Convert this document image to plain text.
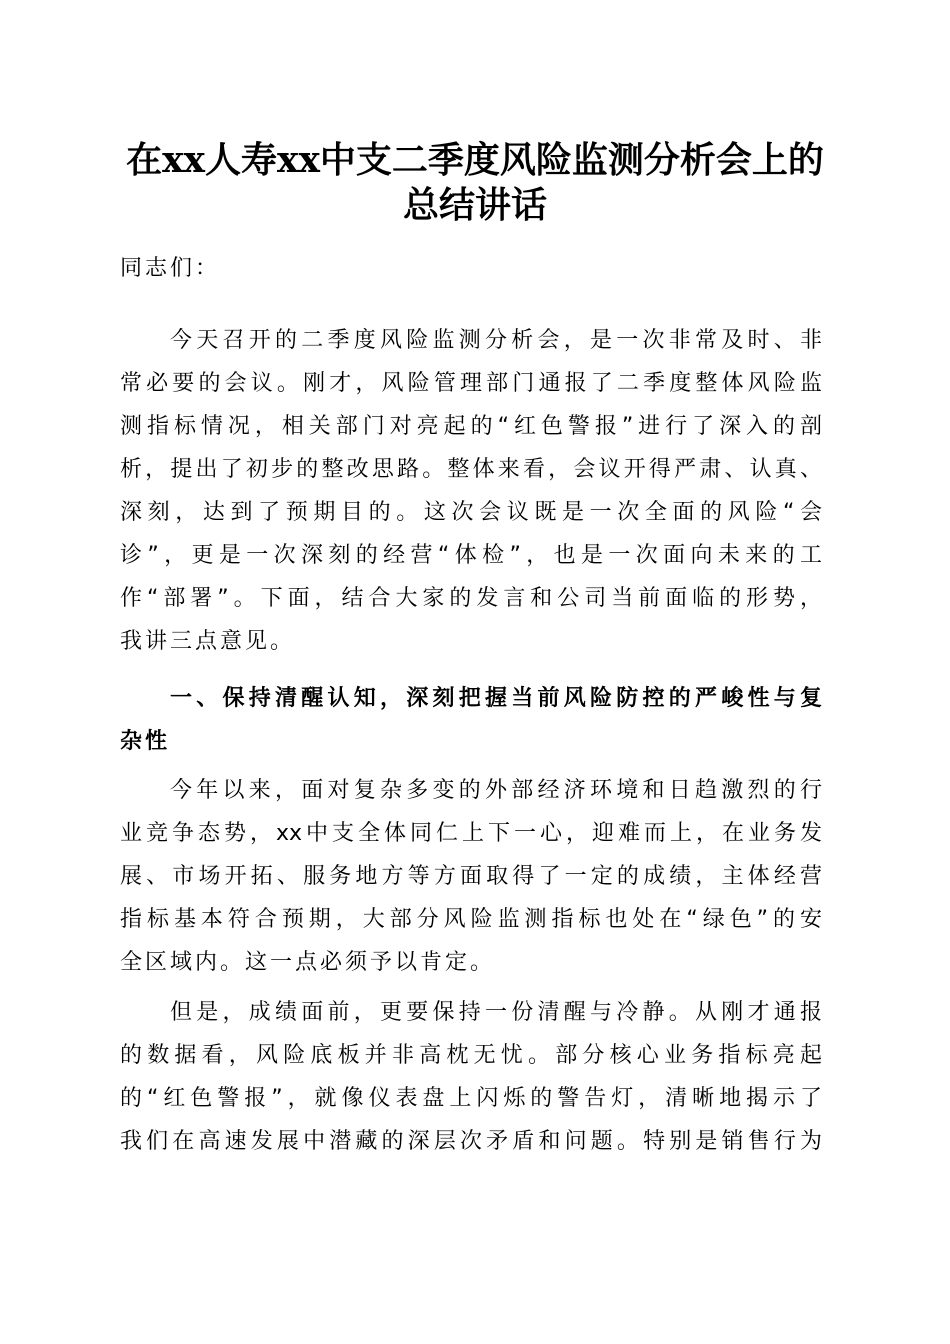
在xx人寿xx中支二季度风险监测分析会上的
总结讲话
同志们：
今天召开的二季度风险监测分析会，是一次非常及时、非
常必要的会议。刚才，风险管理部门通报了二季度整体风险监
测指标情况，相关部门对亮起的“红色警报”进行了深入的剖
析，提出了初步的整改思路。整体来看，会议开得严肃、认真、
深刻，达到了预期目的。这次会议既是一次全面的风险“会
诊”，更是一次深刻的经营“体检”，也是一次面向未来的工
作“部署”。下面，结合大家的发言和公司当前面临的形势，
我讲三点意见。
一、保持清醒认知，深刻把握当前风险防控的严峻性与复
杂性
今年以来，面对复杂多变的外部经济环境和日趋激烈的行
业竞争态势，xx中支全体同仁上下一心，迎难而上，在业务发
展、市场开拓、服务地方等方面取得了一定的成绩，主体经营
指标基本符合预期，大部分风险监测指标也处在“绿色”的安
全区域内。这一点必须予以肯定。
但是，成绩面前，更要保持一份清醒与冷静。从刚才通报
的数据看，风险底板并非高枕无忧。部分核心业务指标亮起
的“红色警报”，就像仪表盘上闪烁的警告灯，清晰地揭示了
我们在高速发展中潜藏的深层次矛盾和问题。特别是销售行为
